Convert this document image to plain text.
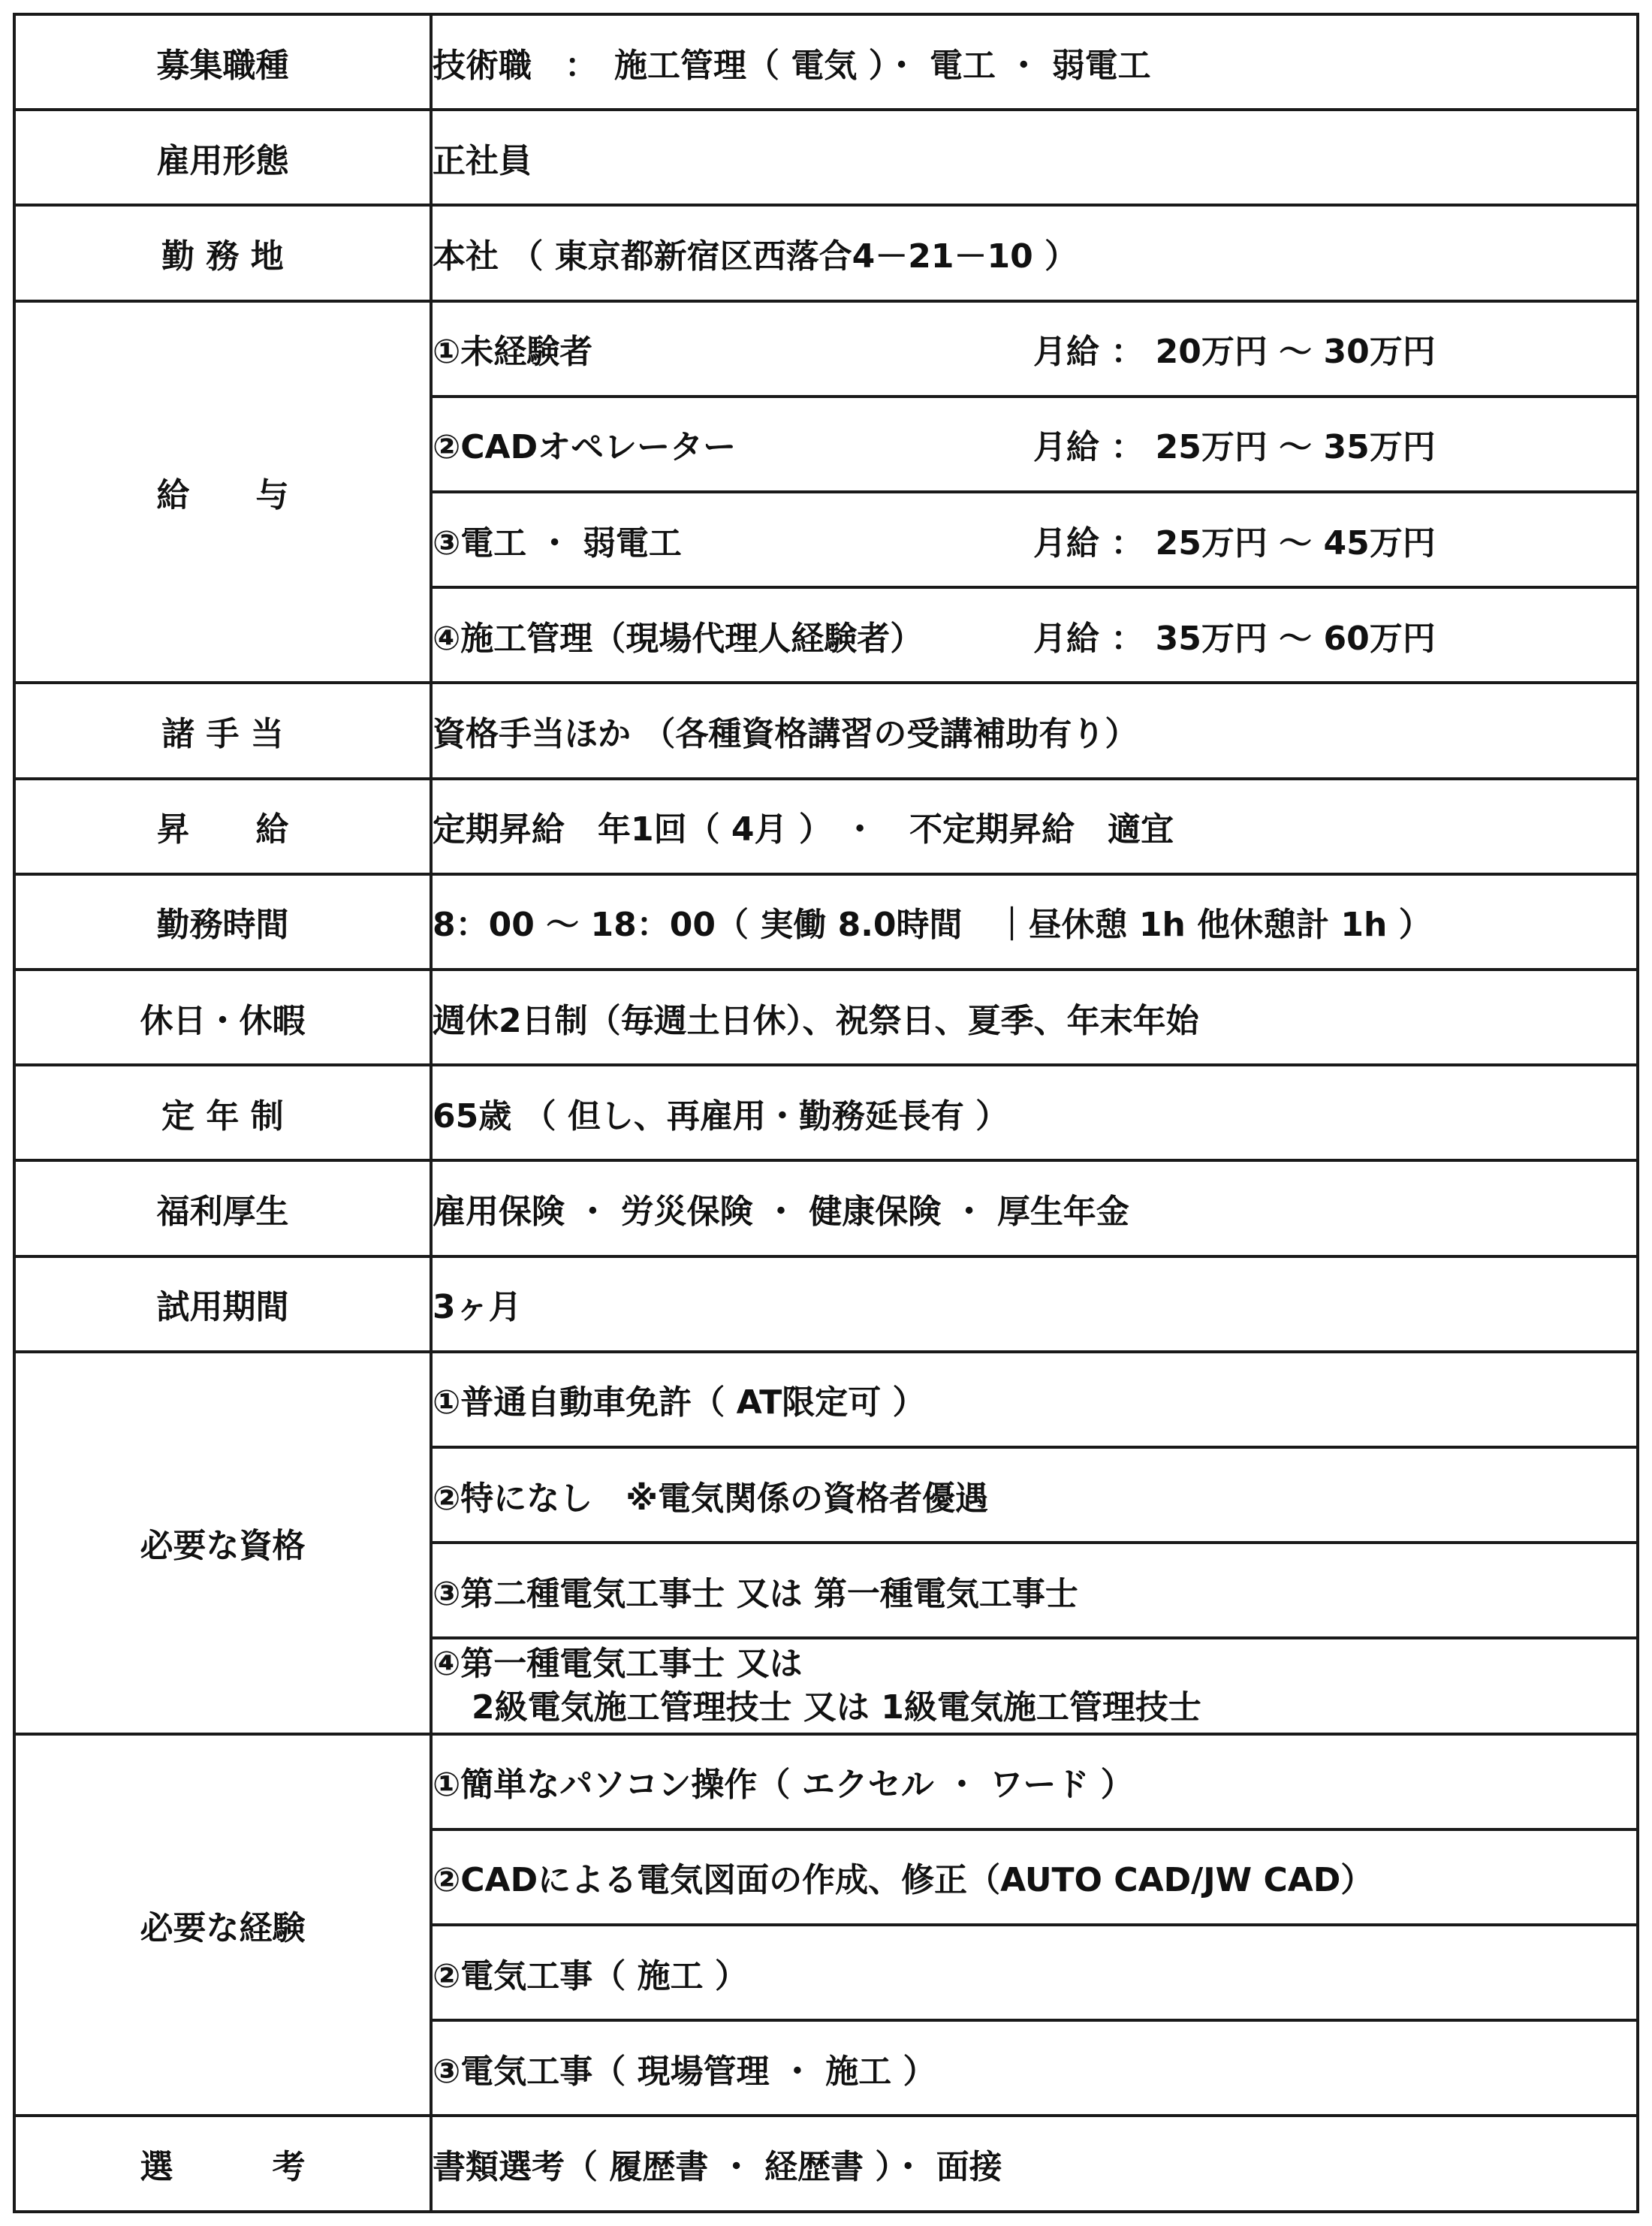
募集職種	技術職　：　施工管理（ 電気 ）・ 電工 ・ 弱電工
雇用形態	正社員
勤 務 地	本社 （ 東京都新宿区西落合4－21－10 ）
給　　与	①未経験者 月給 ： 20万円 ～ 30万円
	②CADオペレーター 月給 ： 25万円 ～ 35万円
	③電工 ・ 弱電工 月給 ： 25万円 ～ 45万円
	④施工管理（現場代理人経験者） 月給 ： 35万円 ～ 60万円
諸 手 当	資格手当ほか （各種資格講習の受講補助有り）
昇　　給	定期昇給　年1回（ 4月 ） ・　不定期昇給　適宜
勤務時間	8：00 ～ 18：00（ 実働 8.0時間　｜昼休憩 1h 他休憩計 1h ）
休日・休暇	週休2日制（毎週土日休）、祝祭日、夏季、年末年始
定 年 制	65歳 （ 但し、再雇用・勤務延長有 ）
福利厚生	雇用保険 ・ 労災保険 ・ 健康保険 ・ 厚生年金
試用期間	3ヶ月
必要な資格	①普通自動車免許（ AT限定可 ）
	②特になし　※電気関係の資格者優遇
	③第二種電気工事士 又は 第一種電気工事士

	④第一種電気工事士 又は
2級電気施工管理技士 又は 1級電気施工管理技士

必要な経験	①簡単なパソコン操作（ エクセル ・ ワード ）
	②CADによる電気図面の作成、修正（AUTO CAD/JW CAD）
	②電気工事（ 施工 ）
	③電気工事（ 現場管理 ・ 施工 ）
選　　　考	書類選考（ 履歴書 ・ 経歴書 ）・ 面接
